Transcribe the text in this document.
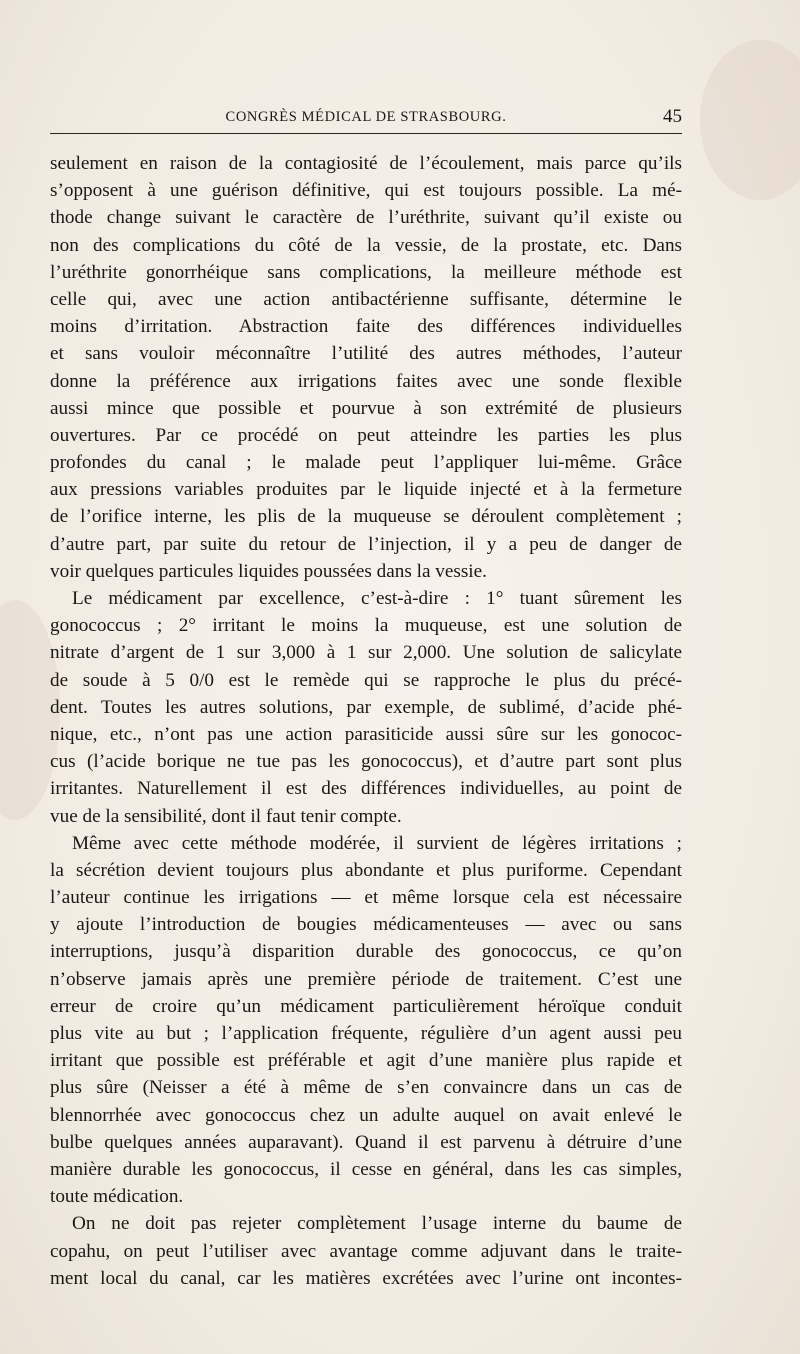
CONGRÈS MÉDICAL DE STRASBOURG.	45
seulement en raison de la contagiosité de l’écoulement, mais parce qu’ils
s’opposent à une guérison définitive, qui est toujours possible. La mé-
thode change suivant le caractère de l’uréthrite, suivant qu’il existe ou
non des complications du côté de la vessie, de la prostate, etc. Dans
l’uréthrite gonorrhéique sans complications, la meilleure méthode est
celle qui, avec une action antibactérienne suffisante, détermine le
moins d’irritation. Abstraction faite des différences individuelles
et sans vouloir méconnaître l’utilité des autres méthodes, l’auteur
donne la préférence aux irrigations faites avec une sonde flexible
aussi mince que possible et pourvue à son extrémité de plusieurs
ouvertures. Par ce procédé on peut atteindre les parties les plus
profondes du canal ; le malade peut l’appliquer lui-même. Grâce
aux pressions variables produites par le liquide injecté et à la fermeture
de l’orifice interne, les plis de la muqueuse se déroulent complètement ;
d’autre part, par suite du retour de l’injection, il y a peu de danger de
voir quelques particules liquides poussées dans la vessie.
Le médicament par excellence, c’est-à-dire : 1° tuant sûrement les
gonococcus ; 2° irritant le moins la muqueuse, est une solution de
nitrate d’argent de 1 sur 3,000 à 1 sur 2,000. Une solution de salicylate
de soude à 5 0/0 est le remède qui se rapproche le plus du précé-
dent. Toutes les autres solutions, par exemple, de sublimé, d’acide phé-
nique, etc., n’ont pas une action parasiticide aussi sûre sur les gonococ-
cus (l’acide borique ne tue pas les gonococcus), et d’autre part sont plus
irritantes. Naturellement il est des différences individuelles, au point de
vue de la sensibilité, dont il faut tenir compte.
Même avec cette méthode modérée, il survient de légères irritations ;
la sécrétion devient toujours plus abondante et plus puriforme. Cependant
l’auteur continue les irrigations — et même lorsque cela est nécessaire
y ajoute l’introduction de bougies médicamenteuses — avec ou sans
interruptions, jusqu’à disparition durable des gonococcus, ce qu’on
n’observe jamais après une première période de traitement. C’est une
erreur de croire qu’un médicament particulièrement héroïque conduit
plus vite au but ; l’application fréquente, régulière d’un agent aussi peu
irritant que possible est préférable et agit d’une manière plus rapide et
plus sûre (Neisser a été à même de s’en convaincre dans un cas de
blennorrhée avec gonococcus chez un adulte auquel on avait enlevé le
bulbe quelques années auparavant). Quand il est parvenu à détruire d’une
manière durable les gonococcus, il cesse en général, dans les cas simples,
toute médication.
On ne doit pas rejeter complètement l’usage interne du baume de
copahu, on peut l’utiliser avec avantage comme adjuvant dans le traite-
ment local du canal, car les matières excrétées avec l’urine ont incontes-
